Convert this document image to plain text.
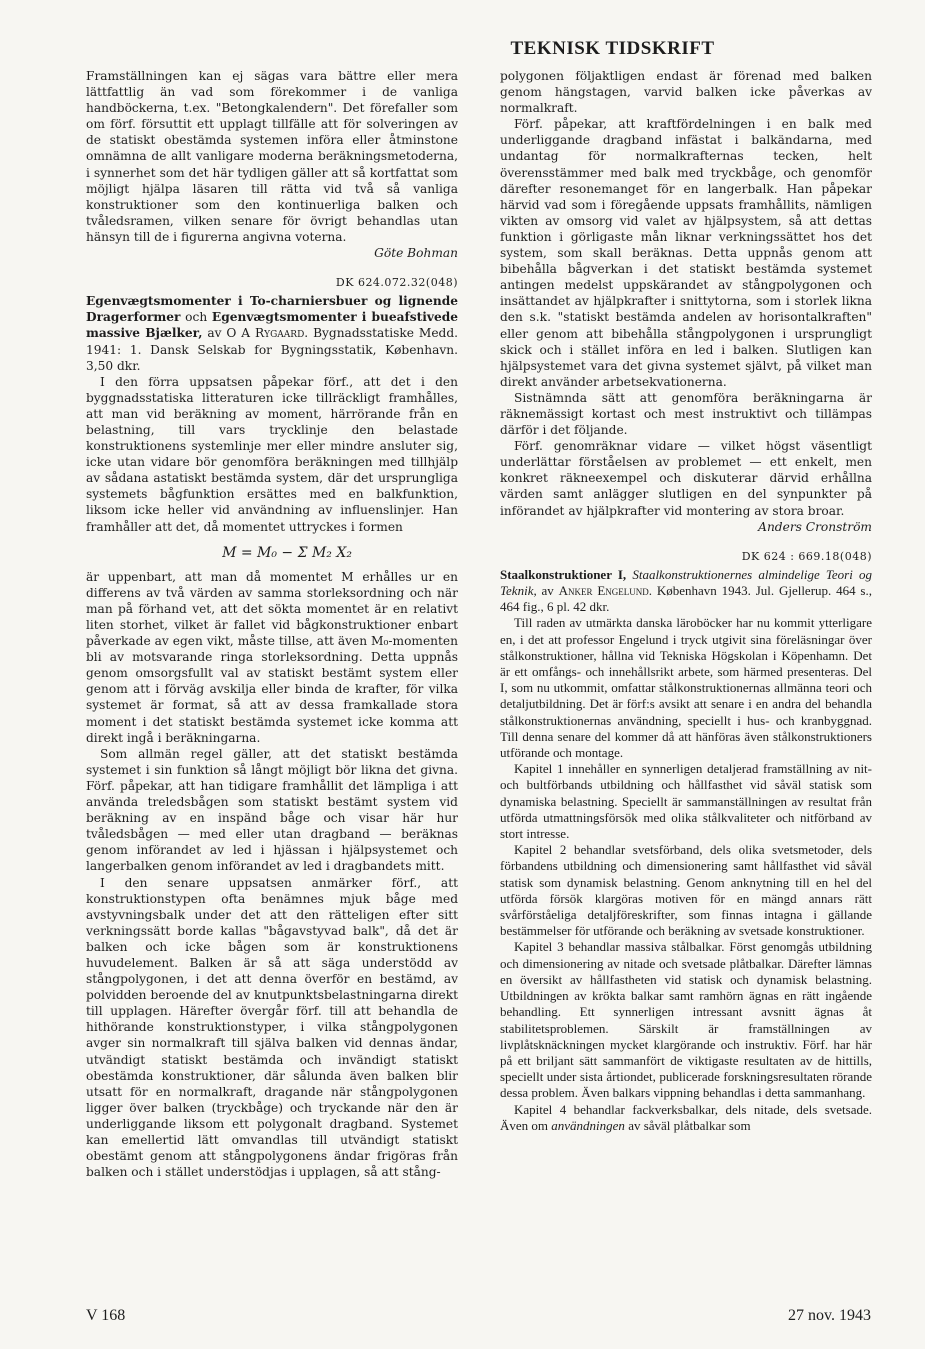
TEKNISK TIDSKRIFT

Framställningen kan ej sägas vara bättre eller mera lättfattlig än vad som förekommer i de vanliga handböckerna, t.ex. "Betongkalendern". Det förefaller som om förf. försuttit ett upplagt tillfälle att för solveringen av de statiskt obestämda systemen införa eller åtminstone omnämna de allt vanligare moderna beräkningsmetoderna, i synnerhet som det här tydligen gäller att så kortfattat som möjligt hjälpa läsaren till rätta vid två så vanliga konstruktioner som den kontinuerliga balken och tvåledsramen, vilken senare för övrigt behandlas utan hänsyn till de i figurerna angivna voterna.

Göte Bohman
DK 624.072.32(048)

Egenvægtsmomenter i To-charniersbuer og lignende Dragerformer och Egenvægtsmomenter i bueafstivede massive Bjælker, av O A Rygaard. Bygnadsstatiske Medd. 1941: 1. Dansk Selskab for Bygningsstatik, København. 3,50 dkr.

I den förra uppsatsen påpekar förf., att det i den byggnadsstatiska litteraturen icke tillräckligt framhålles, att man vid beräkning av moment, härrörande från en belastning, till vars trycklinjе den belastade konstruktionens systemlinje mer eller mindre ansluter sig, icke utan vidare bör genomföra beräkningen med tillhjälp av sådana astatiskt bestämda system, där det ursprungliga systemets bågfunktion ersättes med en balkfunktion, liksom icke heller vid användning av influenslinjer. Han framhåller att det, då momentet uttryckes i formen

M = M₀ − Σ M₂ X₂

är uppenbart, att man då momentet M erhålles ur en differens av två värden av samma storleksordning och när man på förhand vet, att det sökta momentet är en relativt liten storhet, vilket är fallet vid bågkonstruktioner enbart påverkade av egen vikt, måste tillse, att även M₀-momenten bli av motsvarande ringa storleksordning. Detta uppnås genom omsorgsfullt val av statiskt bestämt system eller genom att i förväg avskilja eller binda de krafter, för vilka systemet är format, så att av dessa framkallade stora moment i det statiskt bestämda systemet icke komma att direkt ingå i beräkningarna.

Som allmän regel gäller, att det statiskt bestämda systemet i sin funktion så långt möjligt bör likna det givna. Förf. påpekar, att han tidigare framhållit det lämpliga i att använda treledsbågen som statiskt bestämt system vid beräkning av en inspänd båge och visar här hur tvåledsbågen — med eller utan dragband — beräknas genom införandet av led i hjässan i hjälpsystemet och langerbalken genom införandet av led i dragbandets mitt.

I den senare uppsatsen anmärker förf., att konstruktionstypen ofta benämnes mjuk båge med avstyvningsbalk under det att den rätteligen efter sitt verkningssätt borde kallas "bågavstyvad balk", då det är balken och icke bågen som är konstruktionens huvudelement. Balken är så att säga understödd av stångpolygonen, i det att denna överför en bestämd, av polvidden beroende del av knutpunktsbelastningarna direkt till upplagen. Härefter övergår förf. till att behandla de hithörande konstruktionstyper, i vilka stångpolygonen avger sin normalkraft till själva balken vid dennas ändar, utvändigt statiskt bestämda och invändigt statiskt obestämda konstruktioner, där sålunda även balken blir utsatt för en normalkraft, dragande när stångpolygonen ligger över balken (tryckbåge) och tryckande när den är underliggande liksom ett polygonalt dragband. Systemet kan emellertid lätt omvandlas till utvändigt statiskt obestämt genom att stångpolygonens ändar frigöras från balken och i stället understödjas i upplagen, så att stång-

polygonen följaktligen endast är förenad med balken genom hängstagen, varvid balken icke påverkas av normalkraft.

Förf. påpekar, att kraftfördelningen i en balk med underliggande dragband infästat i balkändarna, med undantag för normalkrafternas tecken, helt överensstämmer med balk med tryckbåge, och genomför därefter resonemanget för en langerbalk. Han påpekar härvid vad som i föregående uppsats framhållits, nämligen vikten av omsorg vid valet av hjälpsystem, så att dettas funktion i görligaste mån liknar verkningssättet hos det system, som skall beräknas. Detta uppnås genom att bibehålla bågverkan i det statiskt bestämda systemet antingen medelst uppskärandet av stångpolygonen och insättandet av hjälpkrafter i snittytorna, som i storlek likna den s.k. "statiskt bestämda andelen av horisontalkraften" eller genom att bibehålla stångpolygonen i ursprungligt skick och i stället införa en led i balken. Slutligen kan hjälpsystemet vara det givna systemet självt, på vilket man direkt använder arbetsekvationerna.

Sistnämnda sätt att genomföra beräkningarna är räknemässigt kortast och mest instruktivt och tillämpas därför i det följande.

Förf. genomräknar vidare — vilket högst väsentligt underlättar förståelsen av problemet — ett enkelt, men konkret räkneexempel och diskuterar därvid erhållna värden samt anlägger slutligen en del synpunkter på införandet av hjälpkrafter vid montering av stora broar.

Anders Cronström
DK 624 : 669.18(048)

Staalkonstruktioner I, Staalkonstruktionernes almindelige Teori og Teknik, av Anker Engelund. København 1943. Jul. Gjellerup. 464 s., 464 fig., 6 pl. 42 dkr.

Till raden av utmärkta danska läroböcker har nu kommit ytterligare en, i det att professor Engelund i tryck utgivit sina föreläsningar över stålkonstruktioner, hållna vid Tekniska Högskolan i Köpenhamn. Det är ett omfångs- och innehållsrikt arbete, som härmed presenteras. Del I, som nu utkommit, omfattar stålkonstruktionernas allmänna teori och detaljutbildning. Det är förf:s avsikt att senare i en andra del behandla stålkonstruktionernas användning, speciellt i hus- och kranbyggnad. Till denna senare del kommer då att hänföras även stålkonstruktioners utförande och montage.

Kapitel 1 innehåller en synnerligen detaljerad framställning av nit- och bultförbands utbildning och hållfasthet vid såväl statisk som dynamiska belastning. Speciellt är sammanställningen av resultat från utförda utmattningsförsök med olika stålkvaliteter och nitförband av stort intresse.

Kapitel 2 behandlar svetsförband, dels olika svetsmetoder, dels förbandens utbildning och dimensionering samt hållfasthet vid såväl statisk som dynamisk belastning. Genom anknytning till en hel del utförda försök klargöras motiven för en mängd annars rätt svårförståeliga detaljföreskrifter, som finnas intagna i gällande bestämmelser för utförande och beräkning av svetsade konstruktioner.

Kapitel 3 behandlar massiva stålbalkar. Först genomgås utbildning och dimensionering av nitade och svetsade plåtbalkar. Därefter lämnas en översikt av hållfastheten vid statisk och dynamisk belastning. Utbildningen av krökta balkar samt ramhörn ägnas en rätt ingående behandling. Ett synnerligen intressant avsnitt ägnas åt stabilitetsproblemen. Särskilt är framställningen av livplåtsknäckningen mycket klargörande och instruktiv. Förf. har här på ett briljant sätt sammanfört de viktigaste resultaten av de hittills, speciellt under sista årtiondet, publicerade forskningsresultaten rörande dessa problem. Även balkars vippning behandlas i detta sammanhang.

Kapitel 4 behandlar fackverksbalkar, dels nitade, dels svetsade. Även om användningen av såväl plåtbalkar som

V 168	27 nov. 1943
